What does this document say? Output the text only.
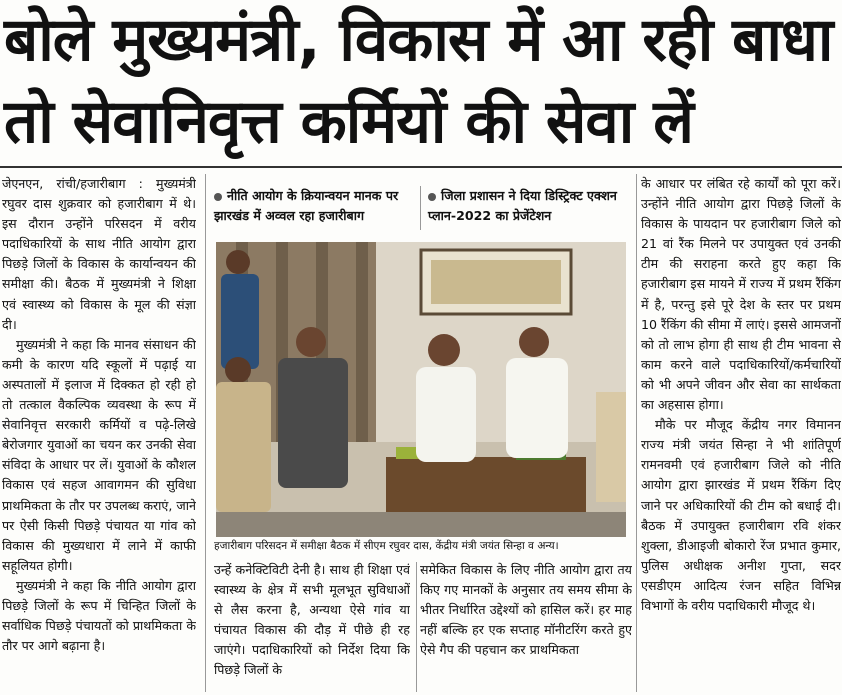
बोले मुख्यमंत्री, विकास में आ रही बाधा
तो सेवानिवृत्त कर्मियों की सेवा लें

जेएनएन, रांची/हजारीबाग : मुख्यमंत्री रघुवर दास शुक्रवार को हजारीबाग में थे। इस दौरान उन्होंने परिसदन में वरीय पदाधिकारियों के साथ नीति आयोग द्वारा पिछड़े जिलों के विकास के कार्यान्वयन की समीक्षा की। बैठक में मुख्यमंत्री ने शिक्षा एवं स्वास्थ्य को विकास के मूल की संज्ञा दी।

मुख्यमंत्री ने कहा कि मानव संसाधन की कमी के कारण यदि स्कूलों में पढ़ाई या अस्पतालों में इलाज में दिक्कत हो रही हो तो तत्काल वैकल्पिक व्यवस्था के रूप में सेवानिवृत्त सरकारी कर्मियों व पढ़े-लिखे बेरोजगार युवाओं का चयन कर उनकी सेवा संविदा के आधार पर लें। युवाओं के कौशल विकास एवं सहज आवागमन की सुविधा प्राथमिकता के तौर पर उपलब्ध कराएं, जाने पर ऐसी किसी पिछड़े पंचायत या गांव को विकास की मुख्यधारा में लाने में काफी सहूलियत होगी।

मुख्यमंत्री ने कहा कि नीति आयोग द्वारा पिछड़े जिलों के रूप में चिन्हित जिलों के सर्वाधिक पिछड़े पंचायतों को प्राथमिकता के तौर पर आगे बढ़ाना है।

नीति आयोग के क्रियान्वयन मानक पर झारखंड में अव्वल रहा हजारीबाग
जिला प्रशासन ने दिया डिस्ट्रिक्ट एक्शन प्लान-2022 का प्रेजेंटेशन
हजारीबाग परिसदन में समीक्षा बैठक में सीएम रघुवर दास, केंद्रीय मंत्री जयंत सिन्हा व अन्य।

उन्हें कनेक्टिविटी देनी है। साथ ही शिक्षा एवं स्वास्थ्य के क्षेत्र में सभी मूलभूत सुविधाओं से लैस करना है, अन्यथा ऐसे गांव या पंचायत विकास की दौड़ में पीछे ही रह जाएंगे। पदाधिकारियों को निर्देश दिया कि पिछड़े जिलों के

समेकित विकास के लिए नीति आयोग द्वारा तय किए गए मानकों के अनुसार तय समय सीमा के भीतर निर्धारित उद्देश्यों को हासिल करें। हर माह नहीं बल्कि हर एक सप्ताह मॉनीटरिंग करते हुए ऐसे गैप की पहचान कर प्राथमिकता

के आधार पर लंबित रहे कार्यों को पूरा करें। उन्होंने नीति आयोग द्वारा पिछड़े जिलों के विकास के पायदान पर हजारीबाग जिले को 21 वां रैंक मिलने पर उपायुक्त एवं उनकी टीम की सराहना करते हुए कहा कि हजारीबाग इस मायने में राज्य में प्रथम रैंकिंग में है, परन्तु इसे पूरे देश के स्तर पर प्रथम 10 रैंकिंग की सीमा में लाएं। इससे आमजनों को तो लाभ होगा ही साथ ही टीम भावना से काम करने वाले पदाधिकारियों/कर्मचारियों को भी अपने जीवन और सेवा का सार्थकता का अहसास होगा।

मौके पर मौजूद केंद्रीय नगर विमानन राज्य मंत्री जयंत सिन्हा ने भी शांतिपूर्ण रामनवमी एवं हजारीबाग जिले को नीति आयोग द्वारा झारखंड में प्रथम रैंकिंग दिए जाने पर अधिकारियों की टीम को बधाई दी। बैठक में उपायुक्त हजारीबाग रवि शंकर शुक्ला, डीआइजी बोकारो रेंज प्रभात कुमार, पुलिस अधीक्षक अनीश गुप्ता, सदर एसडीएम आदित्य रंजन सहित विभिन्न विभागों के वरीय पदाधिकारी मौजूद थे।
